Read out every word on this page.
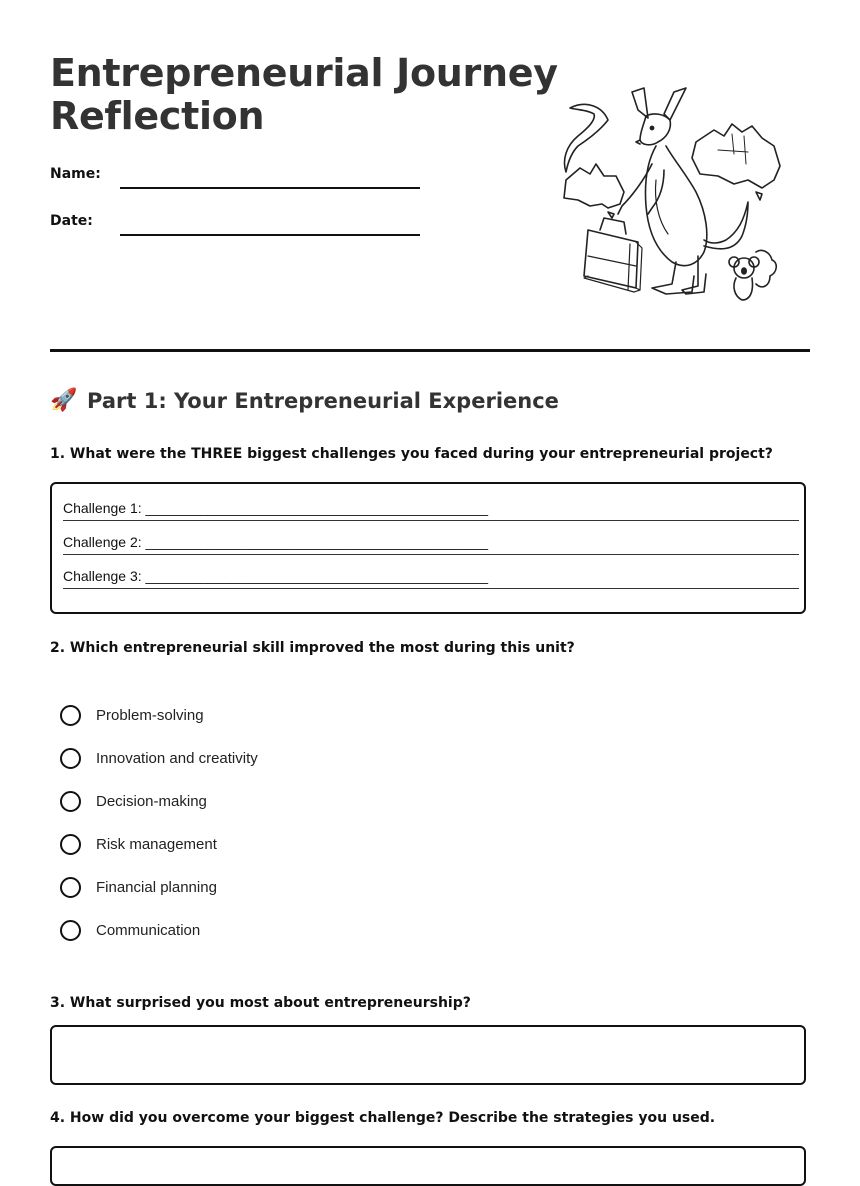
Entrepreneurial Journey
Reflection
Name:
Date:
🚀 Part 1: Your Entrepreneurial Experience

1. What were the THREE biggest challenges you faced during your entrepreneurial project?

Challenge 1: ____________________________________________
Challenge 2: ____________________________________________
Challenge 3: ____________________________________________

2. Which entrepreneurial skill improved the most during this unit?

Problem-solving
Innovation and creativity
Decision-making
Risk management
Financial planning
Communication

3. What surprised you most about entrepreneurship?

4. How did you overcome your biggest challenge? Describe the strategies you used.
